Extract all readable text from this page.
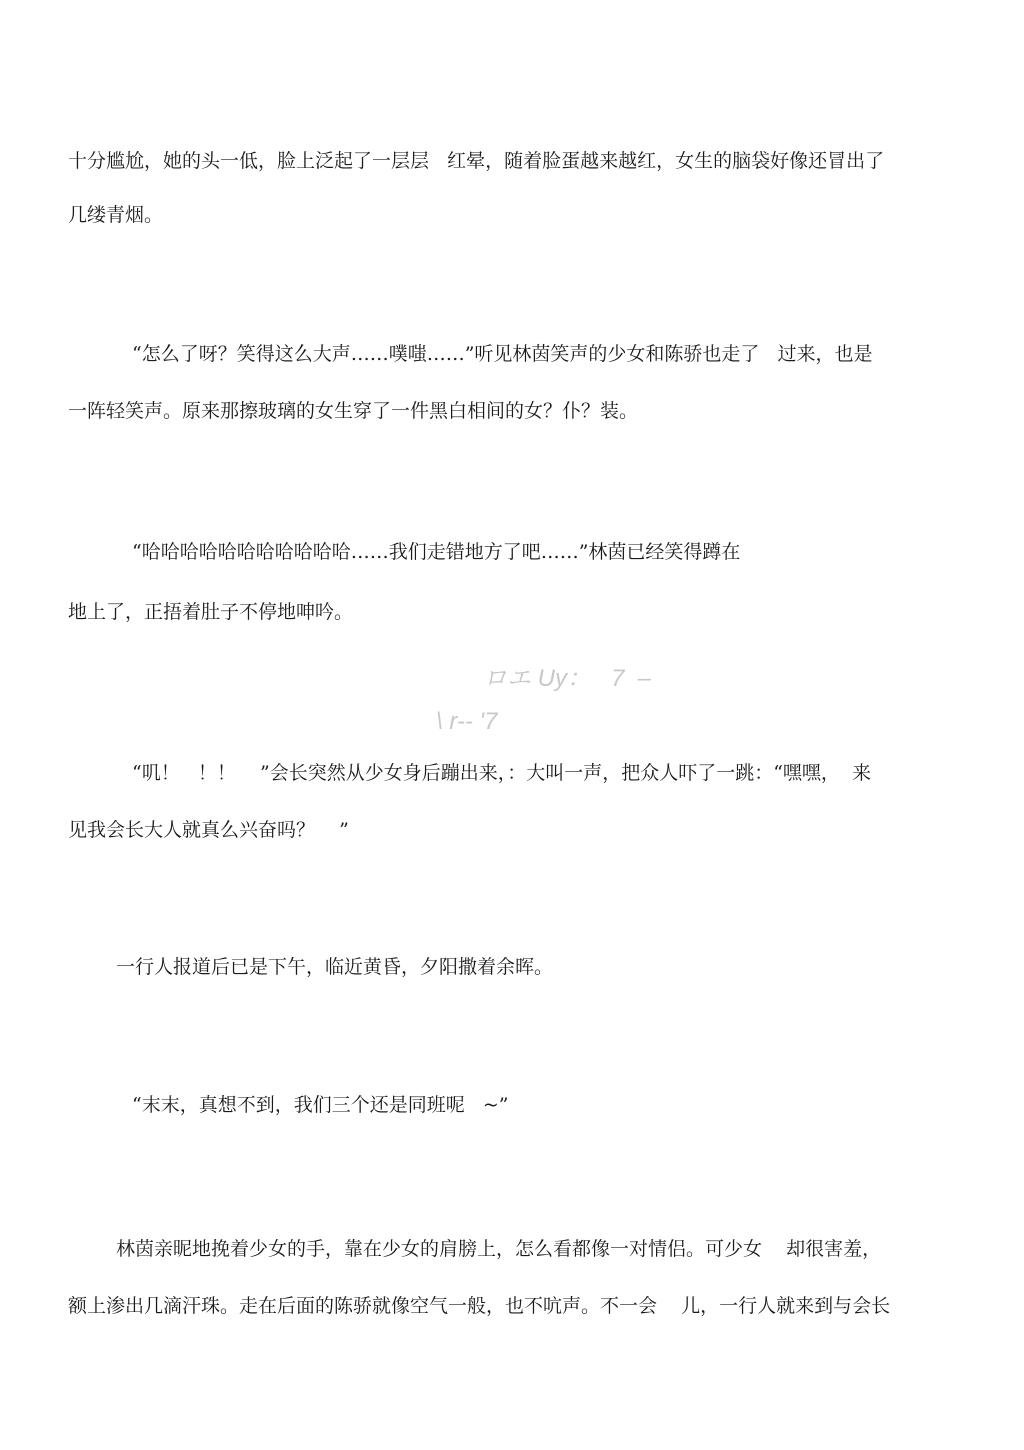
十分尴尬，她的头一低，脸上泛起了一层层   红晕，随着脸蛋越来越红，女生的脑袋好像还冒出了
几缕青烟。
“怎么了呀？笑得这么大声……噗嗤……”听见林茵笑声的少女和陈骄也走了   过来，也是
一阵轻笑声。原来那擦玻璃的女生穿了一件黑白相间的女？仆？装。
“哈哈哈哈哈哈哈哈哈哈哈……我们走错地方了吧……”林茵已经笑得蹲在
地上了，正捂着肚子不停地呻吟。
ロエ Uy：   7  –
\ r-- '7
“叽！   ！！    ”会长突然从少女身后蹦出来，：大叫一声，把众人吓了一跳：“嘿嘿，  来
见我会长大人就真么兴奋吗？    ”
一行人报道后已是下午，临近黄昏，夕阳撒着余晖。
“末末，真想不到，我们三个还是同班呢   ~”
林茵亲昵地挽着少女的手，靠在少女的肩膀上，怎么看都像一对情侣。可少女    却很害羞，
额上渗出几滴汗珠。走在后面的陈骄就像空气一般，也不吭声。不一会    儿，一行人就来到与会长
